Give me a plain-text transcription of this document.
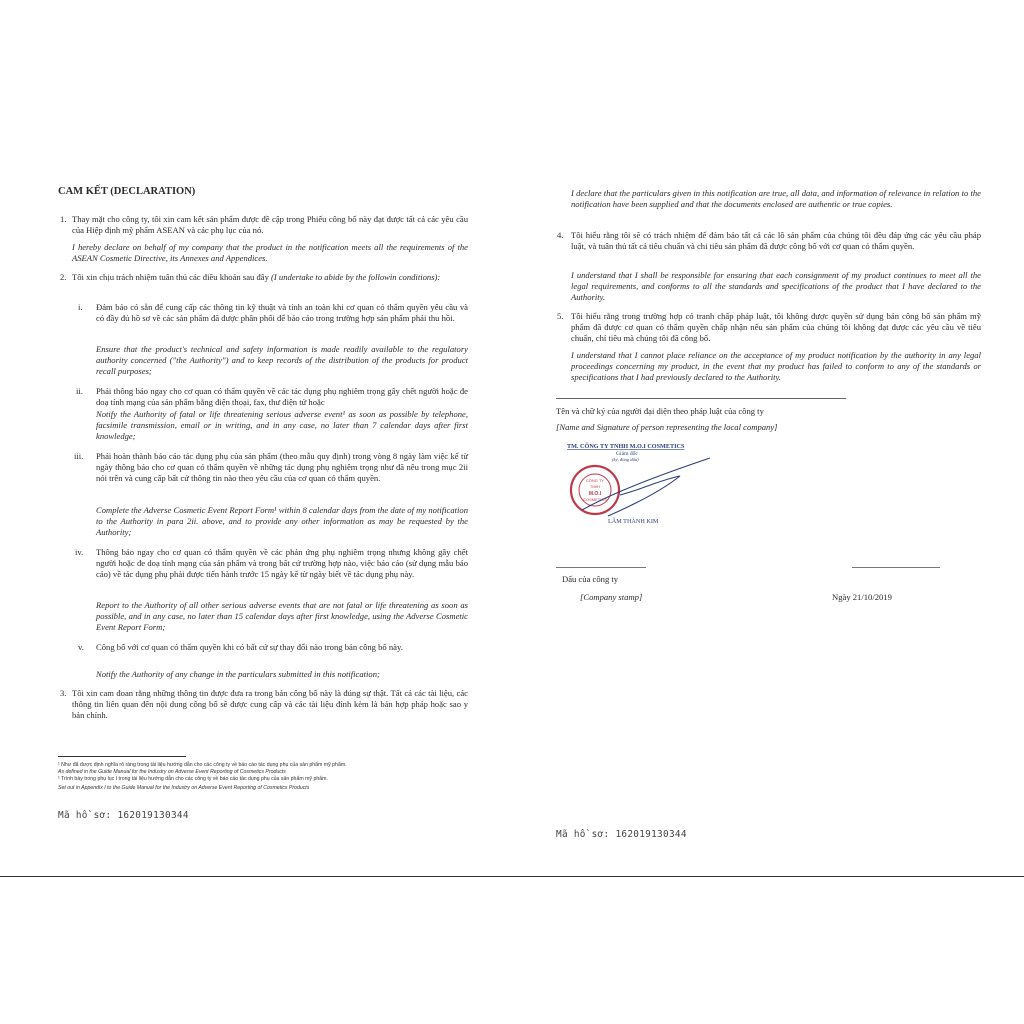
CAM KẾT (DECLARATION)
1. Thay mặt cho công ty, tôi xin cam kết sản phẩm được đề cập trong Phiếu công bố này đạt được tất cả các yêu cầu của Hiệp định mỹ phẩm ASEAN và các phụ lục của nó.
I hereby declare on behalf of my company that the product in the notification meets all the requirements of the ASEAN Cosmetic Directive, its Annexes and Appendices.
2. Tôi xin chịu trách nhiệm tuân thủ các điều khoản sau đây (I undertake to abide by the followin conditions):
i. Đảm bảo có sẵn để cung cấp các thông tin kỹ thuật và tính an toàn khi cơ quan có thẩm quyền yêu cầu và có đầy đủ hồ sơ về các sản phẩm đã được phân phối để báo cáo trong trường hợp sản phẩm phải thu hồi.
Ensure that the product's technical and safety information is made readily available to the regulatory authority concerned ("the Authority") and to keep records of the distribution of the products for product recall purposes;
ii. Phải thông báo ngay cho cơ quan có thẩm quyền về các tác dụng phụ nghiêm trọng gây chết người hoặc đe doạ tính mạng của sản phẩm bằng điện thoại, fax, thư điện tử hoặc
Notify the Authority of fatal or life threatening serious adverse event¹ as soon as possible by telephone, facsimile transmission, email or in writing, and in any case, no later than 7 calendar days after first knowledge;
iii. Phải hoàn thành báo cáo tác dụng phụ của sản phẩm (theo mẫu quy định) trong vòng 8 ngày làm việc kể từ ngày thông báo cho cơ quan có thẩm quyền về những tác dụng phụ nghiêm trọng như đã nêu trong mục 2ii nói trên và cung cấp bất cứ thông tin nào theo yêu cầu của cơ quan có thẩm quyền.
Complete the Adverse Cosmetic Event Report Form¹ within 8 calendar days from the date of my notification to the Authority in para 2ii. above, and to provide any other information as may be requested by the Authority;
iv. Thông báo ngay cho cơ quan có thẩm quyền về các phản ứng phụ nghiêm trọng nhưng không gây chết người hoặc đe doạ tính mạng của sản phẩm và trong bất cứ trường hợp nào, việc báo cáo (sử dụng mẫu báo cáo) về tác dụng phụ phải được tiến hành trước 15 ngày kể từ ngày biết về tác dụng phụ này.
Report to the Authority of all other serious adverse events that are not fatal or life threatening as soon as possible, and in any case, no later than 15 calendar days after first knowledge, using the Adverse Cosmetic Event Report Form;
v. Công bố với cơ quan có thẩm quyền khi có bất cứ sự thay đổi nào trong bản công bố này.
Notify the Authority of any change in the particulars submitted in this notification;
3. Tôi xin cam đoan rằng những thông tin được đưa ra trong bản công bố này là đúng sự thật. Tất cả các tài liệu, các thông tin liên quan đến nội dung công bố sẽ được cung cấp và các tài liệu đính kèm là bản hợp pháp hoặc sao y bản chính.
¹ Như đã được định nghĩa rõ ràng trong tài liệu hướng dẫn cho các công ty về báo cáo tác dụng phụ của sản phẩm mỹ phẩm.
As defined in the Guide Manual for the Industry on Adverse Event Reporting of Cosmetics Products
¹ Trình bày trong phụ lục I trong tài liệu hướng dẫn cho các công ty về báo cáo tác dụng phụ của sản phẩm mỹ phẩm.
Set out in Appendix I to the Guide Manual for the Industry on Adverse Event Reporting of Cosmetics Products
Mã hồ sơ: 162019130344
I declare that the particulars given in this notification are true, all data, and information of relevance in relation to the notification have been supplied and that the documents enclosed are authentic or true copies.
4. Tôi hiểu rằng tôi sẽ có trách nhiệm để đảm bảo tất cả các lô sản phẩm của chúng tôi đều đáp ứng các yêu cầu pháp luật, và tuân thủ tất cả tiêu chuẩn và chi tiêu sản phẩm đã được công bố với cơ quan có thẩm quyền.
I understand that I shall be responsible for ensuring that each consignment of my product continues to meet all the legal requirements, and conforms to all the standards and specifications of the product that I have declared to the Authority.
5. Tôi hiểu rằng trong trường hợp có tranh chấp pháp luật, tôi không được quyền sử dụng bản công bố sản phẩm mỹ phẩm đã được cơ quan có thẩm quyền chấp nhận nếu sản phẩm của chúng tôi không đạt được các yêu cầu về tiêu chuẩn, chỉ tiêu mà chúng tôi đã công bố.
I understand that I cannot place reliance on the acceptance of my product notification by the authority in any legal proceedings concerning my product, in the event that my product has failed to conform to any of the standards or specifications that I had previously declared to the Authority.
Tên và chữ ký của người đại diện theo pháp luật của công ty
[Name and Signature of person representing the local company]
TM. CÔNG TY TNHH M.O.I COSMETICS
Giám đốc
(ký, đóng dấu)
CÔNG TY
TNHH
M.O.I
COSMETICS
LÂM THÀNH KIM
Dấu của công ty
[Company stamp]	Ngày 21/10/2019
Mã hồ sơ: 162019130344
